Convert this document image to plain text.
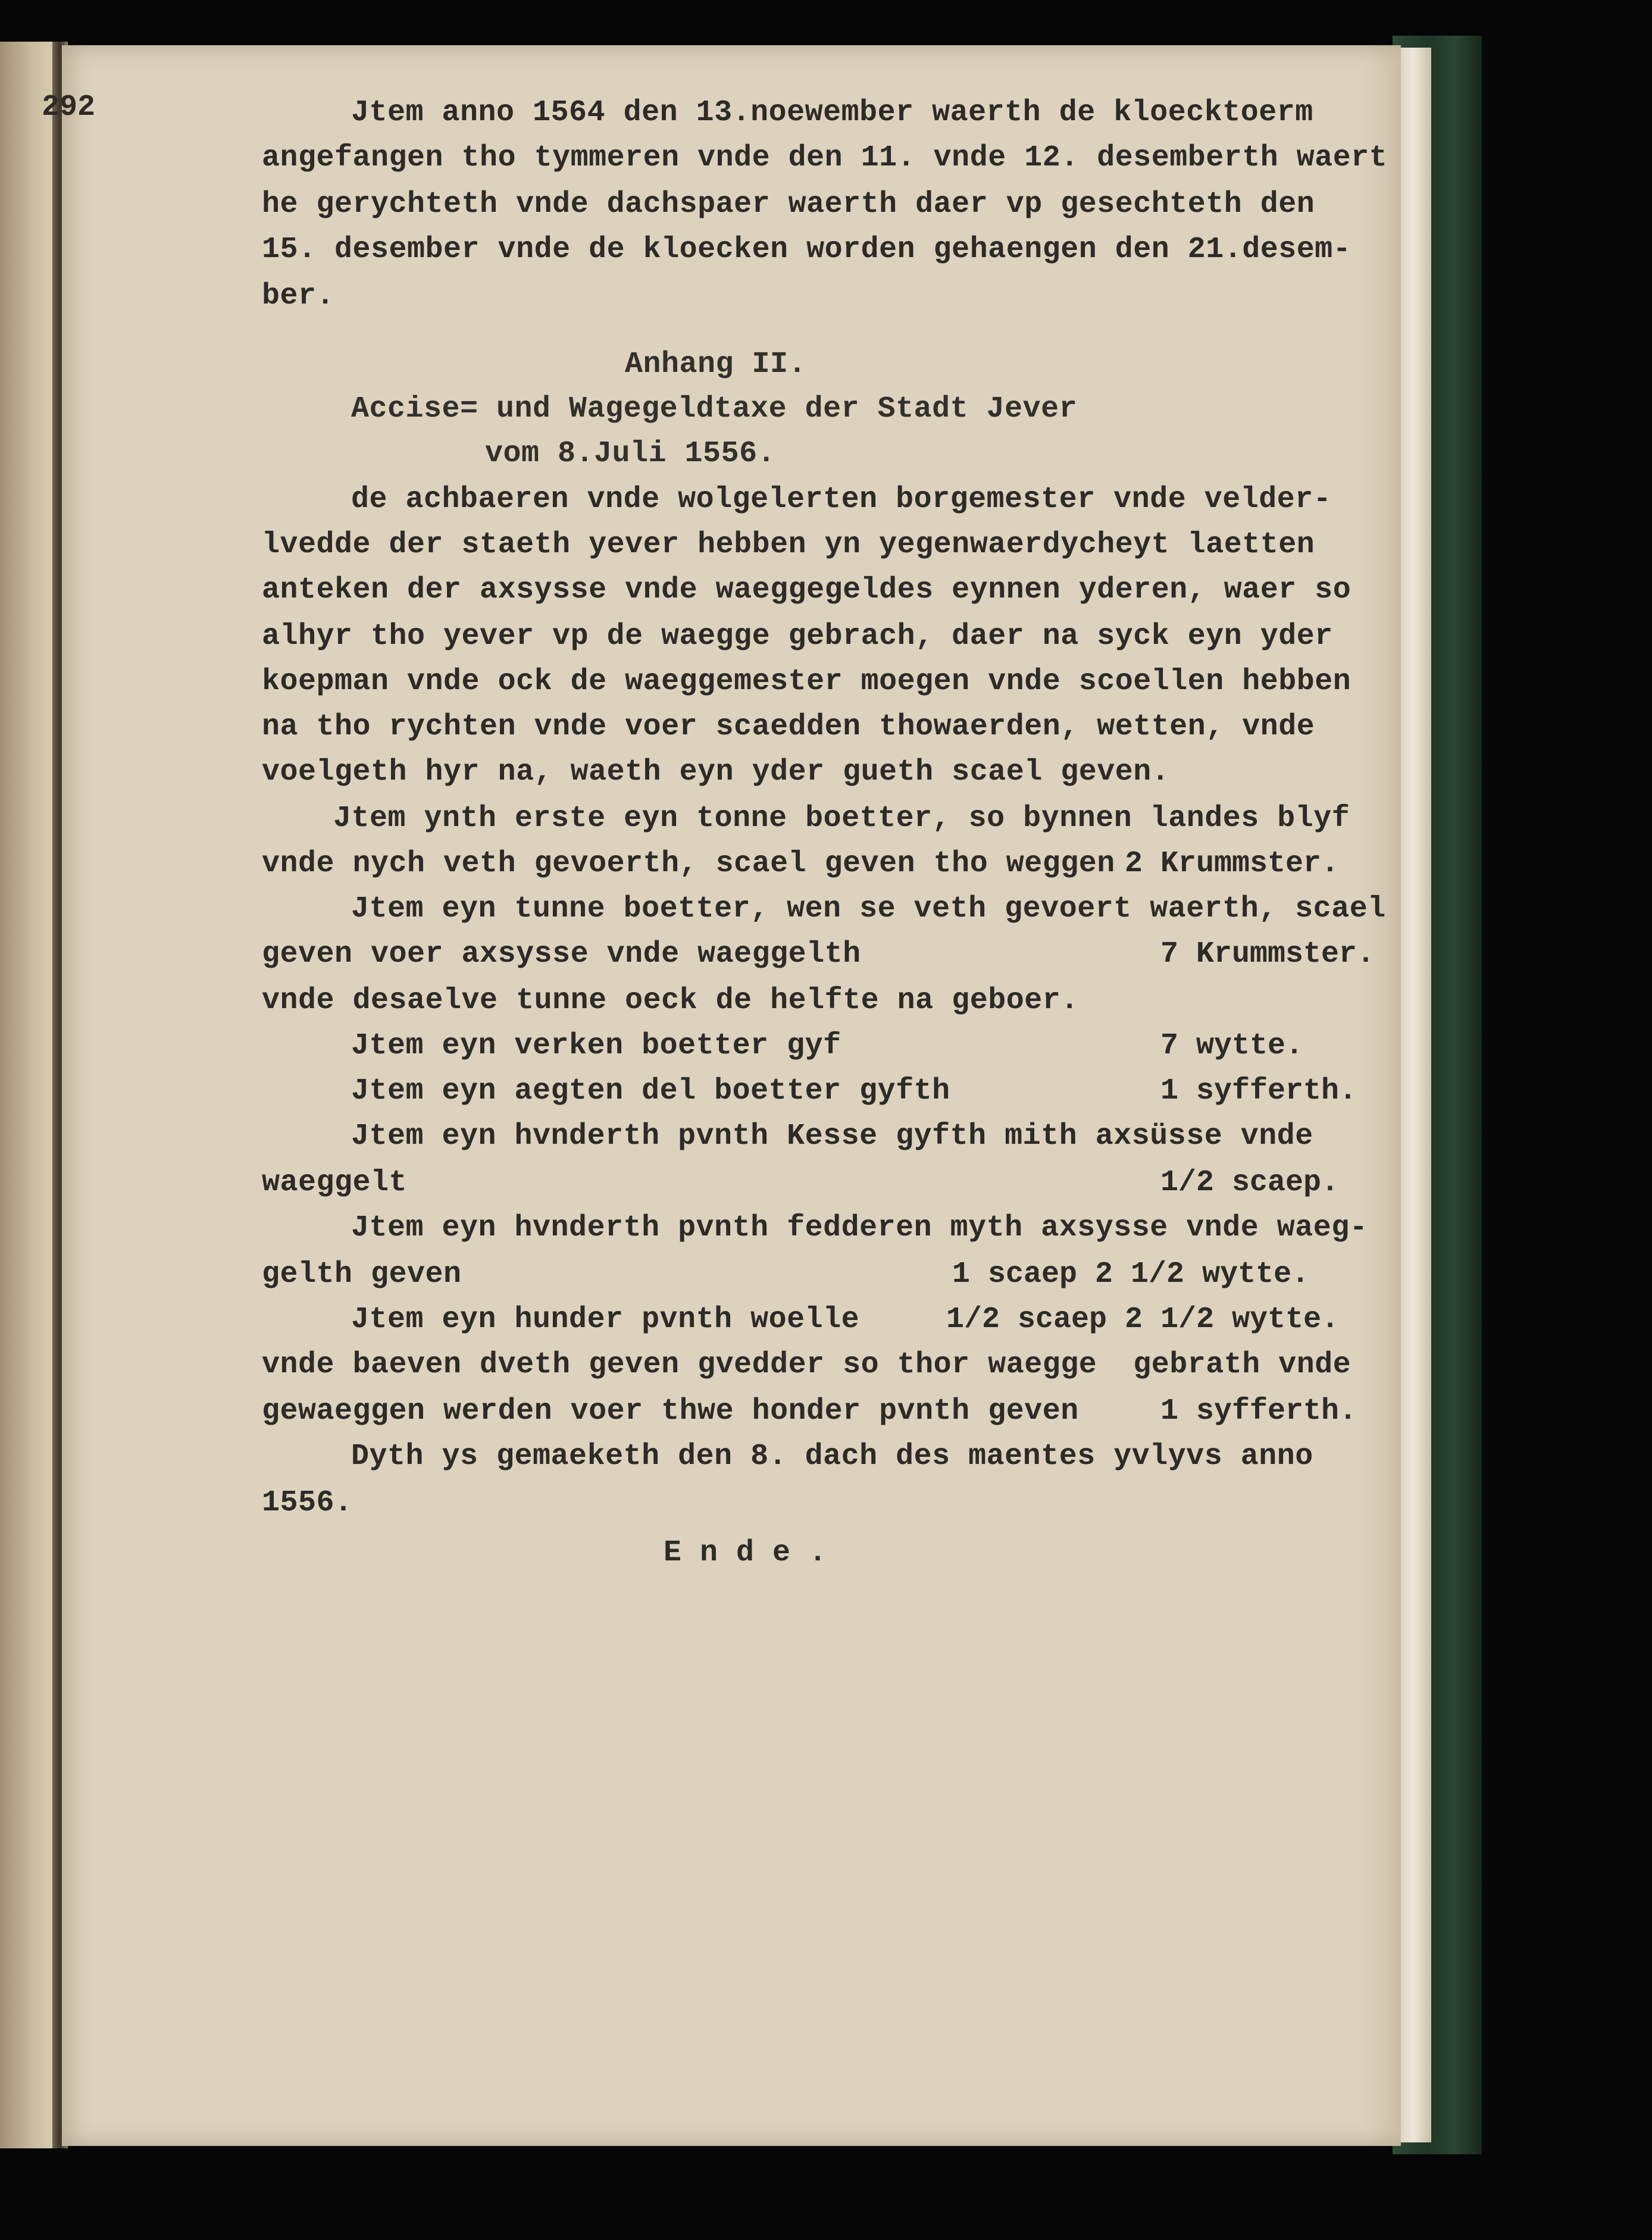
292	Jtem anno 1564 den 13.noewember waerth de kloecktoerm
angefangen tho tymmeren vnde den 11. vnde 12. desemberth waert
he gerychteth vnde dachspaer waerth daer vp gesechteth den
15. desember vnde de kloecken worden gehaengen den 21.desem-
ber.
Anhang II.
Accise= und Wagegeldtaxe der Stadt Jever
vom 8.Juli 1556.
de achbaeren vnde wolgelerten borgemester vnde velder-
lvedde der staeth yever hebben yn yegenwaerdycheyt laetten
anteken der axsysse vnde waeggegeldes eynnen yderen, waer so
alhyr tho yever vp de waegge gebrach, daer na syck eyn yder
koepman vnde ock de waeggemester moegen vnde scoellen hebben
na tho rychten vnde voer scaedden thowaerden, wetten, vnde
voelgeth hyr na, waeth eyn yder gueth scael geven.
Jtem ynth erste eyn tonne boetter, so bynnen landes blyf
vnde nych veth gevoerth, scael geven tho weggen 2 Krummster.
Jtem eyn tunne boetter, wen se veth gevoert waerth, scael
geven voer axsysse vnde waeggelth	7 Krummster.
vnde desaelve tunne oeck de helfte na geboer.
Jtem eyn verken boetter gyf	7 wytte.
Jtem eyn aegten del boetter gyfth	1 syfferth.
Jtem eyn hvnderth pvnth Kesse gyfth mith axsüsse vnde
waeggelt	1/2 scaep.
Jtem eyn hvnderth pvnth fedderen myth axsysse vnde waeg-
gelth geven	1 scaep 2 1/2 wytte.
Jtem eyn hunder pvnth woelle	1/2 scaep 2 1/2 wytte.
vnde baeven dveth geven gvedder so thor waegge  gebrath vnde
gewaeggen werden voer thwe honder pvnth geven	1 syfferth.
Dyth ys gemaeketh den 8. dach des maentes yvlyvs anno
1556.
E n d e .
